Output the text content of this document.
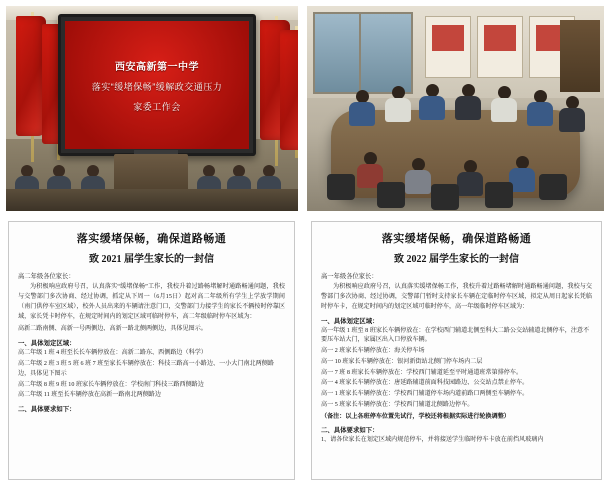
西安高新第一中学
落实“缓堵保畅”缓解政交通压力
家委工作会
落实缓堵保畅，确保道路畅通
致 2021 届学生家长的一封信
高二年级各位家长：

为积极响应政府号召，认真落实“缓堵保畅”工作，我校升着过路畅堵解时通路畅通问题，我校与交警部门多次协商、经过协调，抓定从下周一（6月15日）起对高二年级所有学生上学放学期间（南门供停车室区域），校外人员出来的车辆请注意门口，交警部门力接学生的家长不辆按时停靠区域，家长凭卡时停车，在规定时间内的划定区域可临时停车，高二年级临时停车区域为：

高新二路南侧、高新一号两侧边、高新一路北侧两侧边，具体见图示。

一、具体划定区域：
高二年级 1 班 4 班至长长车辆停放在：高新二路东、西侧路边（科学）
高二年级 2 班 3 班 5 班 6 班 7 班至家长车辆停放在：科技三路高一小路边、一小大门南北两侧路边，具体见下图示
高二年级 8 班 9 班 10 班家长车辆停放在：学校南门科技三路西侧路边
高二年级 11 班至长车辆停放在高新一路南北两侧路边
二、具体要求如下：
落实缓堵保畅，确保道路畅通
致 2022 届学生家长的一封信
高一年级各位家长：

为积极响应政府号召，认真落实缓堵保畅工作，我校升着过路畅堵解时通路畅通问题，我校与交警部门多次协商、经过协调，交警部门暂时支持家长车辆在定临时停车区域，拟定从周日起家长凭临时停车卡，在规定时间内的划定区域可临时停车，高一年级临时停车区域为：

一、具体划定区域：
高一年级 1 班至 8 班家长车辆停放在：在学校西门辅道北侧至科大二路公交站辅道北侧停车，注意不要压车站大门，家属区出入口停放车辆。
高一 2 班家长车辆停放在：海关停车场
高一 10 班家长车辆停放在：银河新街站北侧门停车场内二层
高一 7 班 8 班家长车辆停放在：学校西门辅道延至平时通道班常第排停车。
高一 4 班家长车辆停放在：唐延路辅道前面科技园路边、公交站点禁止停车。
高一 1 班家长车辆停放在：学校西门辅道停车场内道前路口两侧至车辆停车。
高一 5 班家长车辆停放在：学校西门辅道北侧路边停车。
（备注：以上各班停车位置先试行，学校还将根据实际进行轮换调整）
二、具体要求如下：
1、请各位家长在划定区域内规范停车，并将接送学生临时停车卡放在前挡风玻璃内
